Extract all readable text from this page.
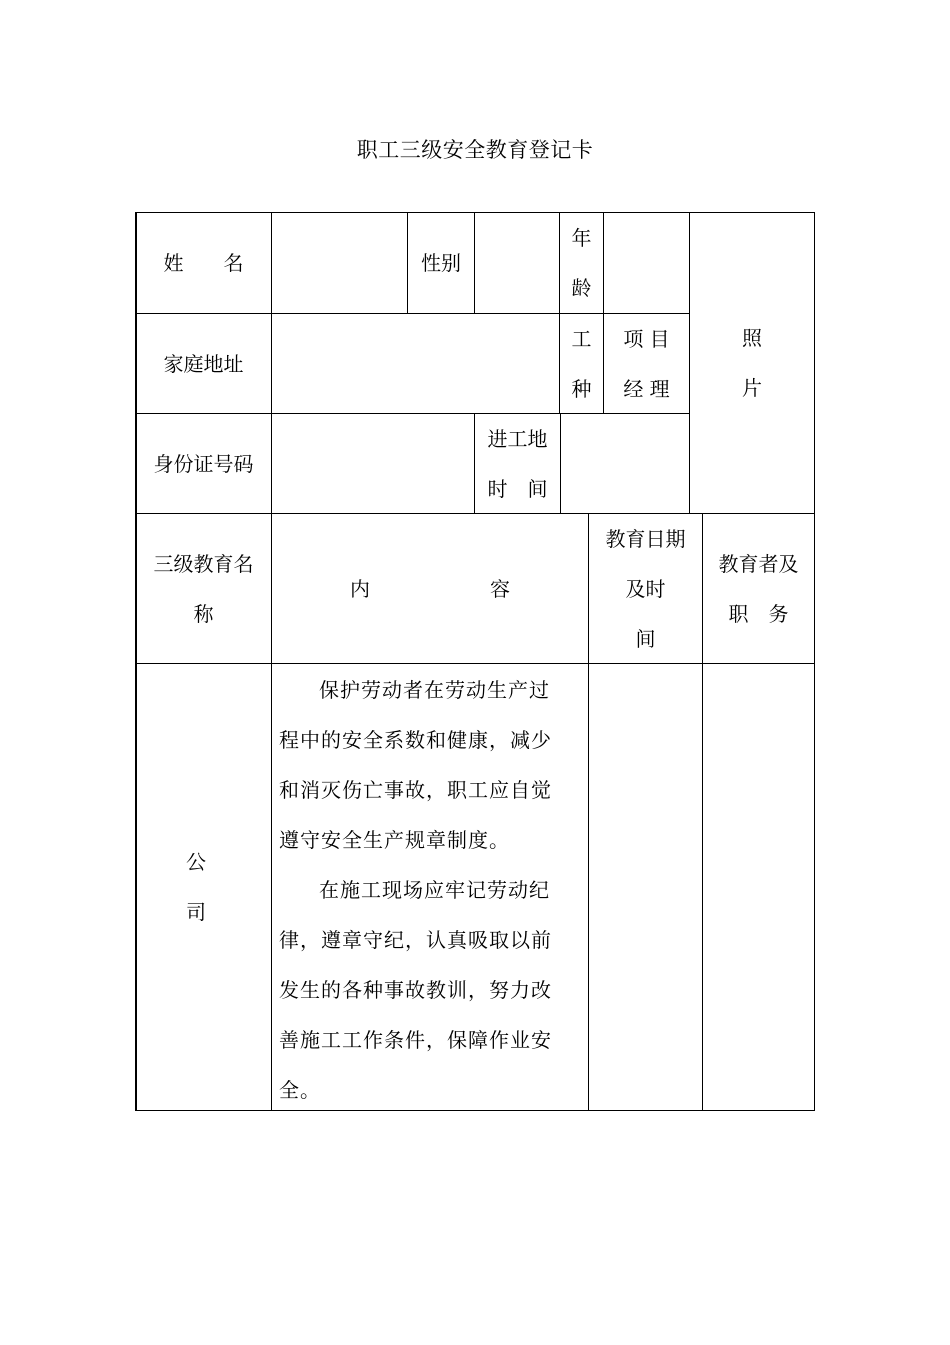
职工三级安全教育登记卡
姓　　名	性别
年
龄
照
片
家庭地址
工
种
项 目
经 理
身份证号码
进工地
时　间
三级教育名
称
内　　　　　　容
教育日期
及时
间
教育者及
职　务
公
司

保护劳动者在劳动生产过程中的安全系数和健康，减少和消灭伤亡事故，职工应自觉遵守安全生产规章制度。

在施工现场应牢记劳动纪律，遵章守纪，认真吸取以前发生的各种事故教训，努力改善施工工作条件，保障作业安全。
